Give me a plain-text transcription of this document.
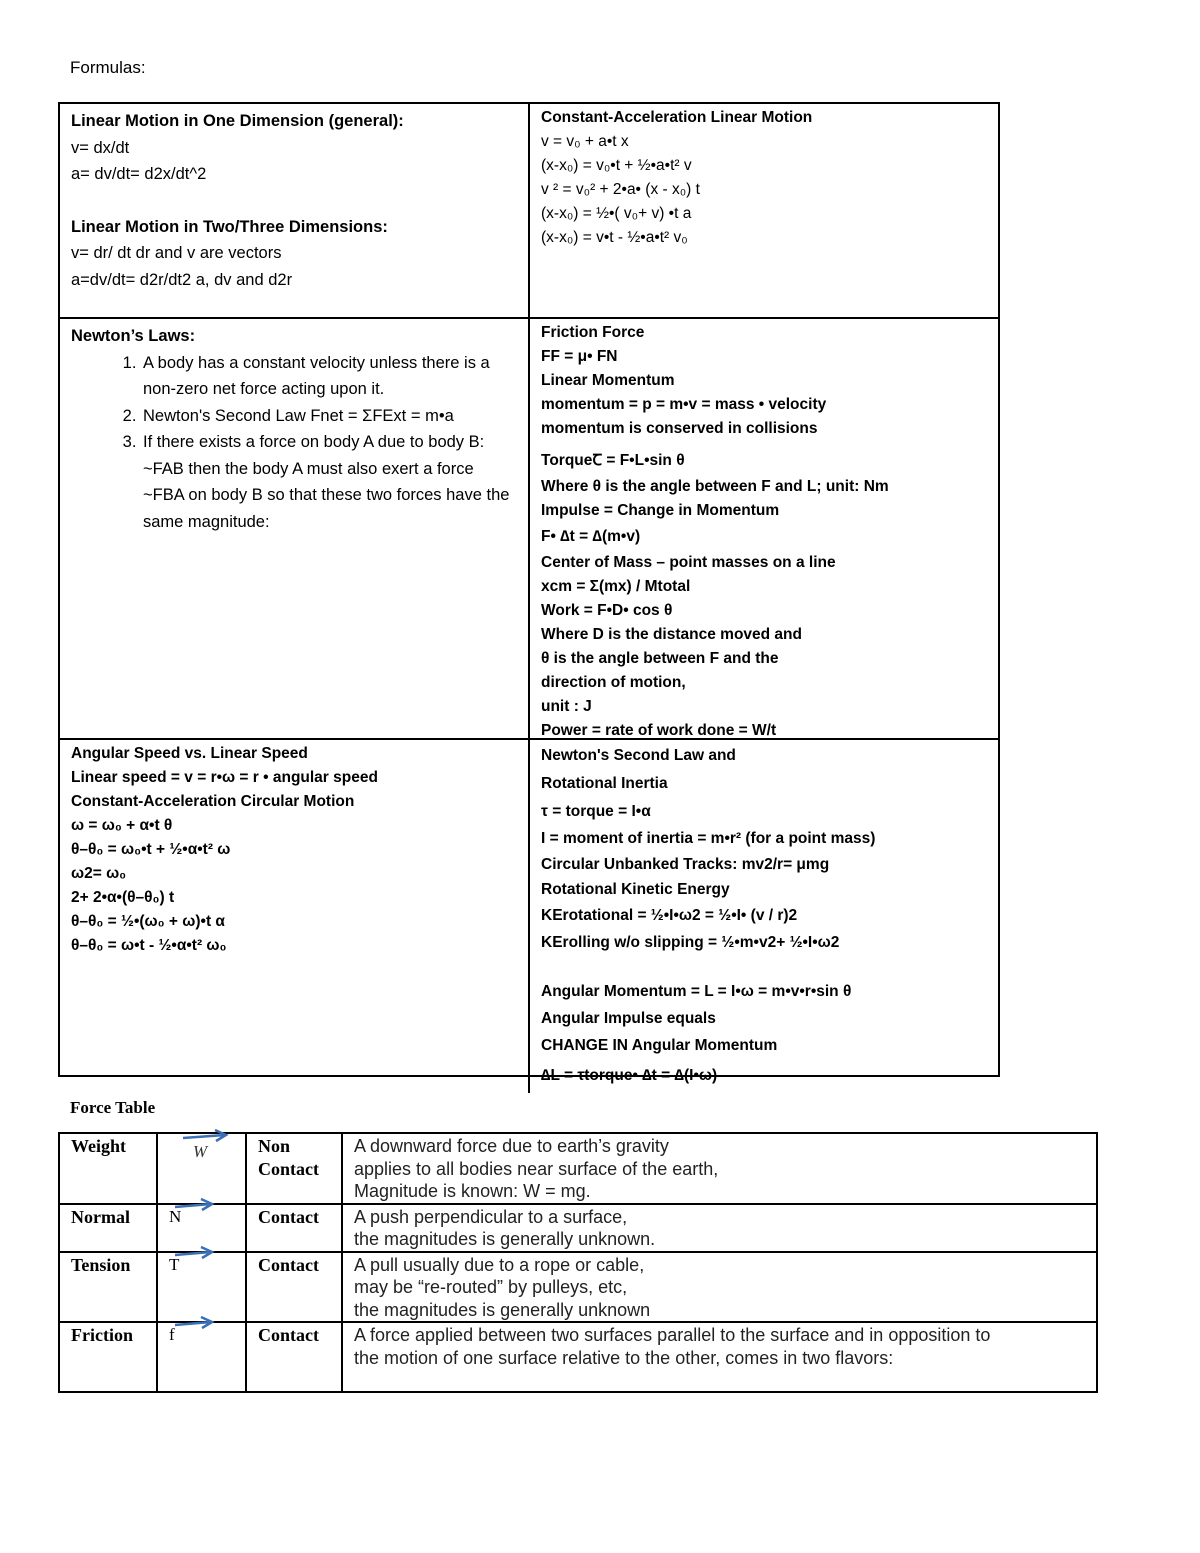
Formulas:
Linear Motion in One Dimension (general):
v= dx/dt
a= dv/dt= d2x/dt^2
Linear Motion in Two/Three Dimensions:
v= dr/ dt dr and v are vectors
a=dv/dt= d2r/dt2 a, dv and d2r
Constant-Acceleration Linear Motion
v = v₀ + a•t x
(x-x₀) = v₀•t + ½•a•t² v
v ² = v₀² + 2•a• (x - x₀) t
(x-x₀) = ½•( v₀+ v) •t a
(x-x₀) = v•t - ½•a•t² v₀
Newton’s Laws:
1. A body has a constant velocity unless there is a non-zero net force acting upon it.
2. Newton's Second Law Fnet = ΣFExt = m•a
3. If there exists a force on body A due to body B: ~FAB then the body A must also exert a force ~FBA on body B so that these two forces have the same magnitude:
Friction Force
FF = μ• FN
Linear Momentum
momentum = p = m•v = mass • velocity
momentum is conserved in collisions
TorqueꞆ = F•L•sin θ
Where θ is the angle between F and L; unit: Nm
Impulse = Change in Momentum
F• ∆t = ∆(m•v)
Center of Mass – point masses on a line
xcm = Σ(mx) / Mtotal
Work = F•D• cos θ
Where D is the distance moved and
θ is the angle between F and the
direction of motion,
unit : J
Power = rate of work done = W/t
Angular Speed vs. Linear Speed
Linear speed = v = r•ω = r • angular speed
Constant-Acceleration Circular Motion
ω = ω₀ + α•t θ
θ–θ₀ = ω₀•t + ½•α•t² ω
ω2= ω₀
2+ 2•α•(θ–θ₀) t
θ–θ₀ = ½•(ω₀ + ω)•t α
θ–θ₀ = ω•t - ½•α•t² ω₀
Newton's Second Law and
Rotational Inertia
τ = torque = I•α
I = moment of inertia = m•r² (for a point mass)
Circular Unbanked Tracks: mv2/r= μmg
Rotational Kinetic Energy
KErotational = ½•I•ω2 = ½•I• (v / r)2
KErolling w/o slipping = ½•m•v2+ ½•I•ω2
Angular Momentum = L = I•ω = m•v•r•sin θ
Angular Impulse equals
CHANGE IN Angular Momentum
∆L = τtorque• ∆t = ∆(I•ω)
Force Table
Weight	W	Non Contact	A downward force due to earth’s gravity
applies to all bodies near surface of the earth,
Magnitude is known: W = mg.

Normal	N	Contact	A push perpendicular to a surface,
the magnitudes is generally unknown.

Tension	T	Contact	A pull usually due to a rope or cable,
may be “re-routed” by pulleys, etc,
the magnitudes is generally unknown

Friction	f	Contact	A force applied between two surfaces parallel to the surface and in opposition to
the motion of one surface relative to the other, comes in two flavors:
